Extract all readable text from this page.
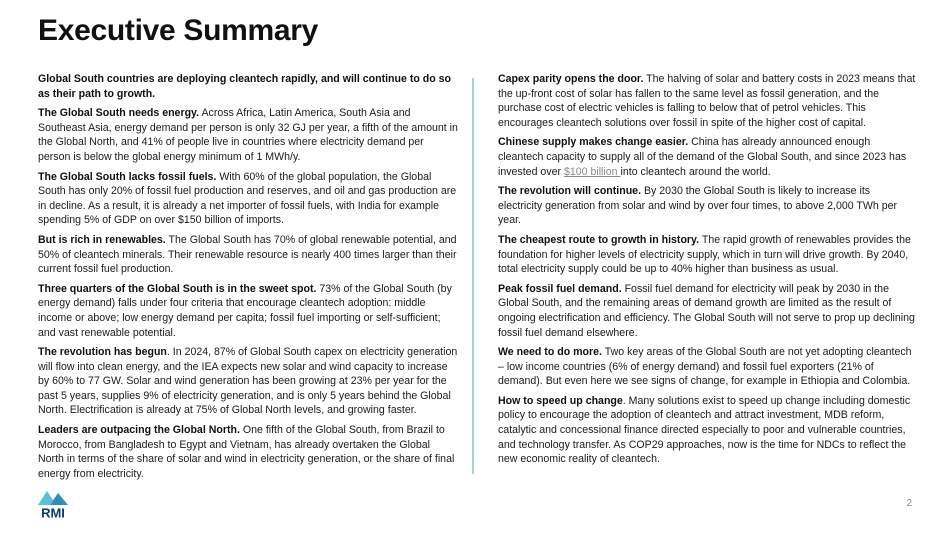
Executive Summary

Global South countries are deploying cleantech rapidly, and will continue to do so as their path to growth.

The Global South needs energy. Across Africa, Latin America, South Asia and Southeast Asia, energy demand per person is only 32 GJ per year, a fifth of the amount in the Global North, and 41% of people live in countries where electricity demand per person is below the global energy minimum of 1 MWh/y.

The Global South lacks fossil fuels. With 60% of the global population, the Global South has only 20% of fossil fuel production and reserves, and oil and gas production are in decline. As a result, it is already a net importer of fossil fuels, with India for example spending 5% of GDP on over $150 billion of imports.

But is rich in renewables. The Global South has 70% of global renewable potential, and 50% of cleantech minerals. Their renewable resource is nearly 400 times larger than their current fossil fuel production.

Three quarters of the Global South is in the sweet spot. 73% of the Global South (by energy demand) falls under four criteria that encourage cleantech adoption: middle income or above; low energy demand per capita; fossil fuel importing or self-sufficient; and vast renewable potential.

The revolution has begun. In 2024, 87% of Global South capex on electricity generation will flow into clean energy, and the IEA expects new solar and wind capacity to increase by 60% to 77 GW. Solar and wind generation has been growing at 23% per year for the past 5 years, supplies 9% of electricity generation, and is only 5 years behind the Global North. Electrification is already at 75% of Global North levels, and growing faster.

Leaders are outpacing the Global North. One fifth of the Global South, from Brazil to Morocco, from Bangladesh to Egypt and Vietnam, has already overtaken the Global North in terms of the share of solar and wind in electricity generation, or the share of final energy from electricity.

Capex parity opens the door. The halving of solar and battery costs in 2023 means that the up-front cost of solar has fallen to the same level as fossil generation, and the purchase cost of electric vehicles is falling to below that of petrol vehicles. This encourages cleantech solutions over fossil in spite of the higher cost of capital.

Chinese supply makes change easier. China has already announced enough cleantech capacity to supply all of the demand of the Global South, and since 2023 has invested over $100 billion into cleantech around the world.

The revolution will continue. By 2030 the Global South is likely to increase its electricity generation from solar and wind by over four times, to above 2,000 TWh per year.

The cheapest route to growth in history. The rapid growth of renewables provides the foundation for higher levels of electricity supply, which in turn will drive growth. By 2040, total electricity supply could be up to 40% higher than business as usual.

Peak fossil fuel demand. Fossil fuel demand for electricity will peak by 2030 in the Global South, and the remaining areas of demand growth are limited as the result of ongoing electrification and efficiency. The Global South will not serve to prop up declining fossil fuel demand elsewhere.

We need to do more. Two key areas of the Global South are not yet adopting cleantech – low income countries (6% of energy demand) and fossil fuel exporters (21% of demand). But even here we see signs of change, for example in Ethiopia and Colombia.

How to speed up change. Many solutions exist to speed up change including domestic policy to encourage the adoption of cleantech and attract investment, MDB reform, catalytic and concessional finance directed especially to poor and vulnerable countries, and technology transfer. As COP29 approaches, now is the time for NDCs to reflect the new economic reality of cleantech.

RMI
2
